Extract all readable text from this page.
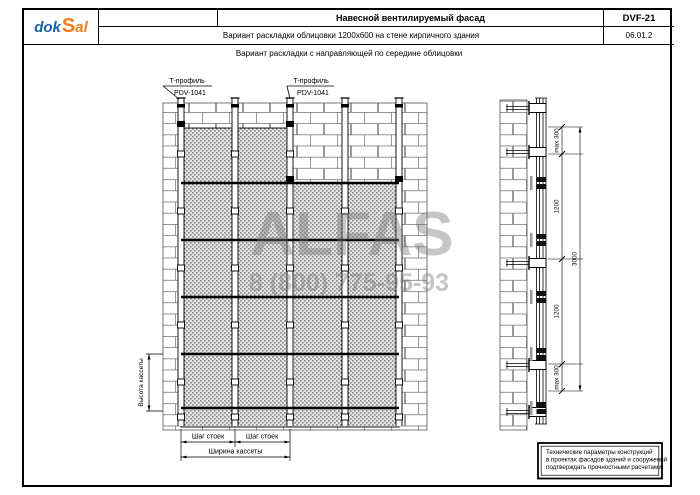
Т-профиль
PDV-1041
Т-профиль
PDV-1041
Шаг стоек	Шаг стоек
Ширина кассеты
Высота кассеты
max 300
1200
1200
max 300
3000
Технические параметры конструкций
в проектах фасадов зданий и сооружений
подтверждать прочностными расчетами.
ALFAS
8 (800) 775-95-93
dok S al
Навесной вентилируемый фасад	DVF-21
Вариант раскладки облицовки 1200x600 на стене кирпичного здания	06.01.2
Вариант раскладки с направляющей по середине облицовки
